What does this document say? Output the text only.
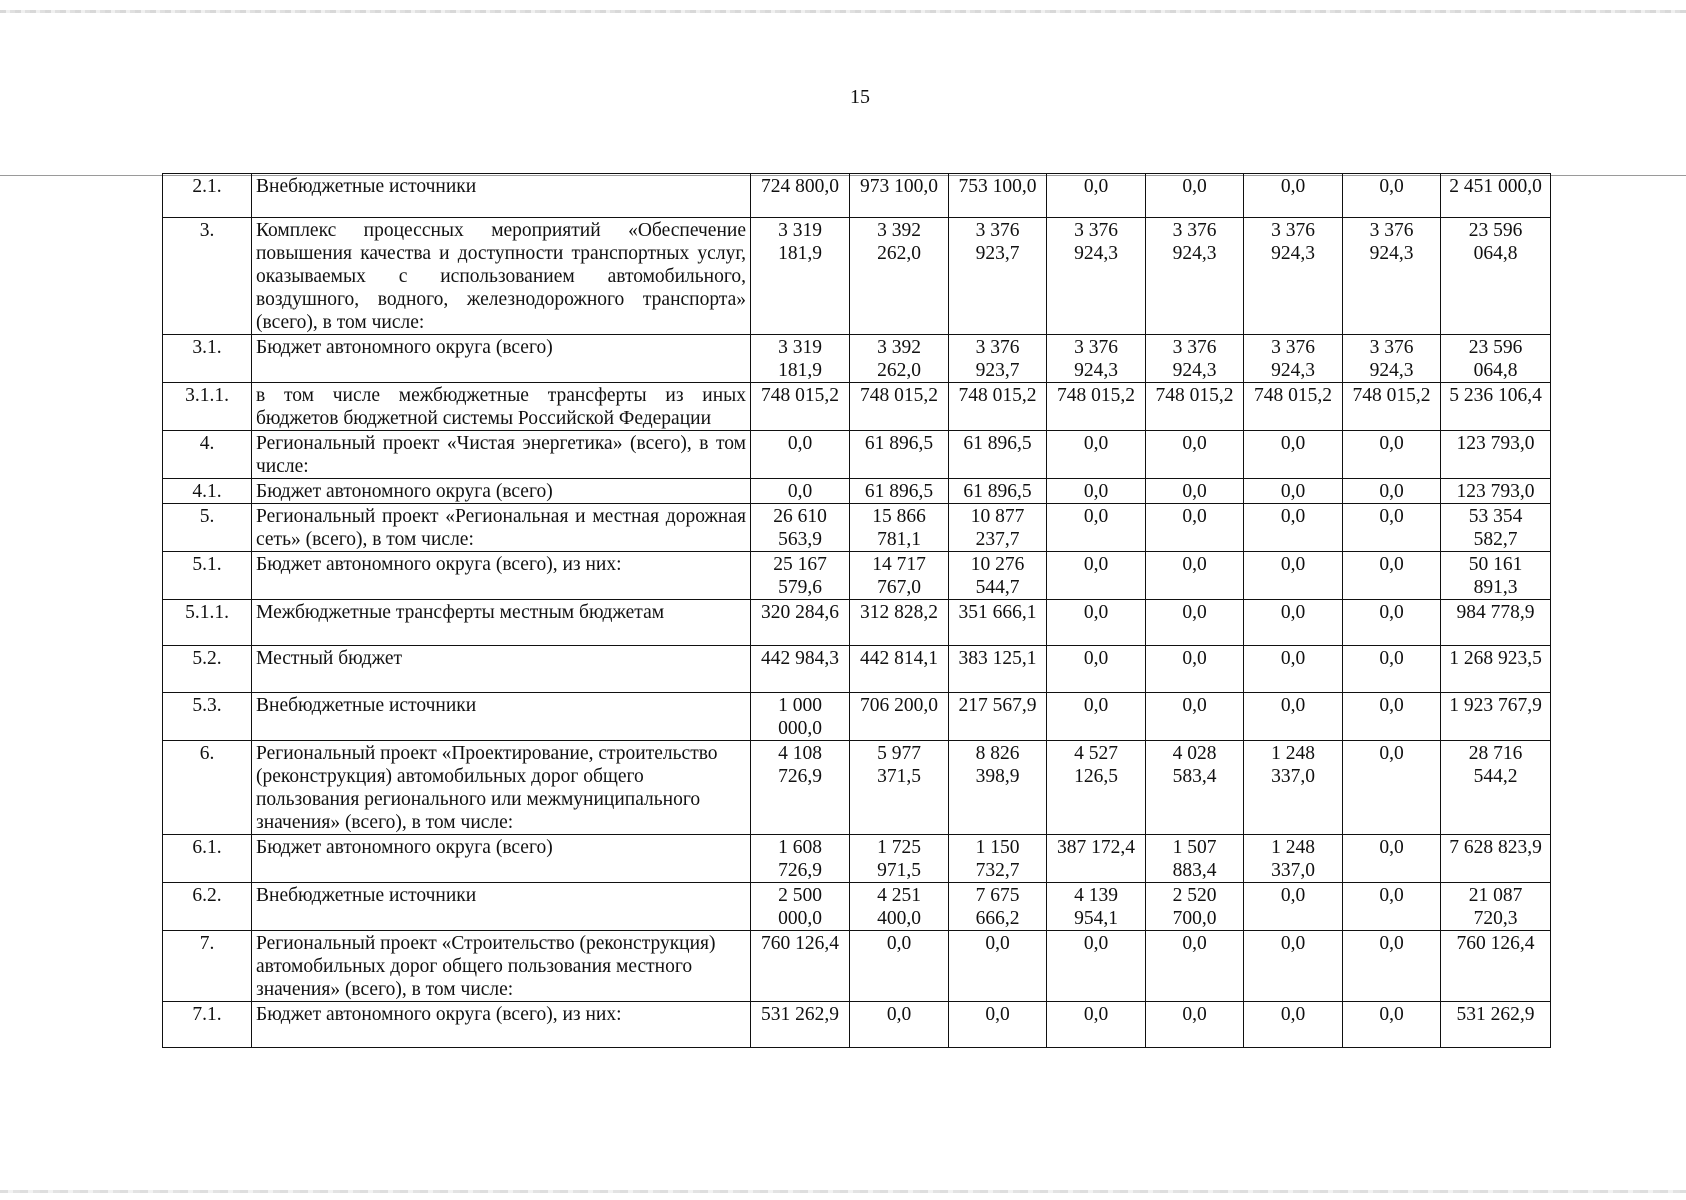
15
2.1.	Внебюджетные источники	724 800,0	973 100,0	753 100,0	0,0	0,0	0,0	0,0	2 451 000,0
3.	Комплекс процессных мероприятий «Обеспечение повышения качества и доступности транспортных услуг, оказываемых с использованием автомобильного, воздушного, водного, железнодорожного транспорта» (всего), в том числе:	3 319 181,9	3 392 262,0	3 376 923,7	3 376 924,3	3 376 924,3	3 376 924,3	3 376 924,3	23 596 064,8
3.1.	Бюджет автономного округа (всего)	3 319 181,9	3 392 262,0	3 376 923,7	3 376 924,3	3 376 924,3	3 376 924,3	3 376 924,3	23 596 064,8
3.1.1.	в том числе межбюджетные трансферты из иных бюджетов бюджетной системы Российской Федерации	748 015,2	748 015,2	748 015,2	748 015,2	748 015,2	748 015,2	748 015,2	5 236 106,4
4.	Региональный проект «Чистая энергетика» (всего), в том числе:	0,0	61 896,5	61 896,5	0,0	0,0	0,0	0,0	123 793,0
4.1.	Бюджет автономного округа (всего)	0,0	61 896,5	61 896,5	0,0	0,0	0,0	0,0	123 793,0
5.	Региональный проект «Региональная и местная дорожная сеть» (всего), в том числе:	26 610 563,9	15 866 781,1	10 877 237,7	0,0	0,0	0,0	0,0	53 354 582,7
5.1.	Бюджет автономного округа (всего), из них:	25 167 579,6	14 717 767,0	10 276 544,7	0,0	0,0	0,0	0,0	50 161 891,3
5.1.1.	Межбюджетные трансферты местным бюджетам	320 284,6	312 828,2	351 666,1	0,0	0,0	0,0	0,0	984 778,9
5.2.	Местный бюджет	442 984,3	442 814,1	383 125,1	0,0	0,0	0,0	0,0	1 268 923,5
5.3.	Внебюджетные источники	1 000 000,0	706 200,0	217 567,9	0,0	0,0	0,0	0,0	1 923 767,9
6.	Региональный проект «Проектирование, строительство (реконструкция) автомобильных дорог общего пользования регионального или межмуниципального значения» (всего), в том числе:	4 108 726,9	5 977 371,5	8 826 398,9	4 527 126,5	4 028 583,4	1 248 337,0	0,0	28 716 544,2
6.1.	Бюджет автономного округа (всего)	1 608 726,9	1 725 971,5	1 150 732,7	387 172,4	1 507 883,4	1 248 337,0	0,0	7 628 823,9
6.2.	Внебюджетные источники	2 500 000,0	4 251 400,0	7 675 666,2	4 139 954,1	2 520 700,0	0,0	0,0	21 087 720,3
7.	Региональный проект «Строительство (реконструкция) автомобильных дорог общего пользования местного значения» (всего), в том числе:	760 126,4	0,0	0,0	0,0	0,0	0,0	0,0	760 126,4
7.1.	Бюджет автономного округа (всего), из них:	531 262,9	0,0	0,0	0,0	0,0	0,0	0,0	531 262,9
